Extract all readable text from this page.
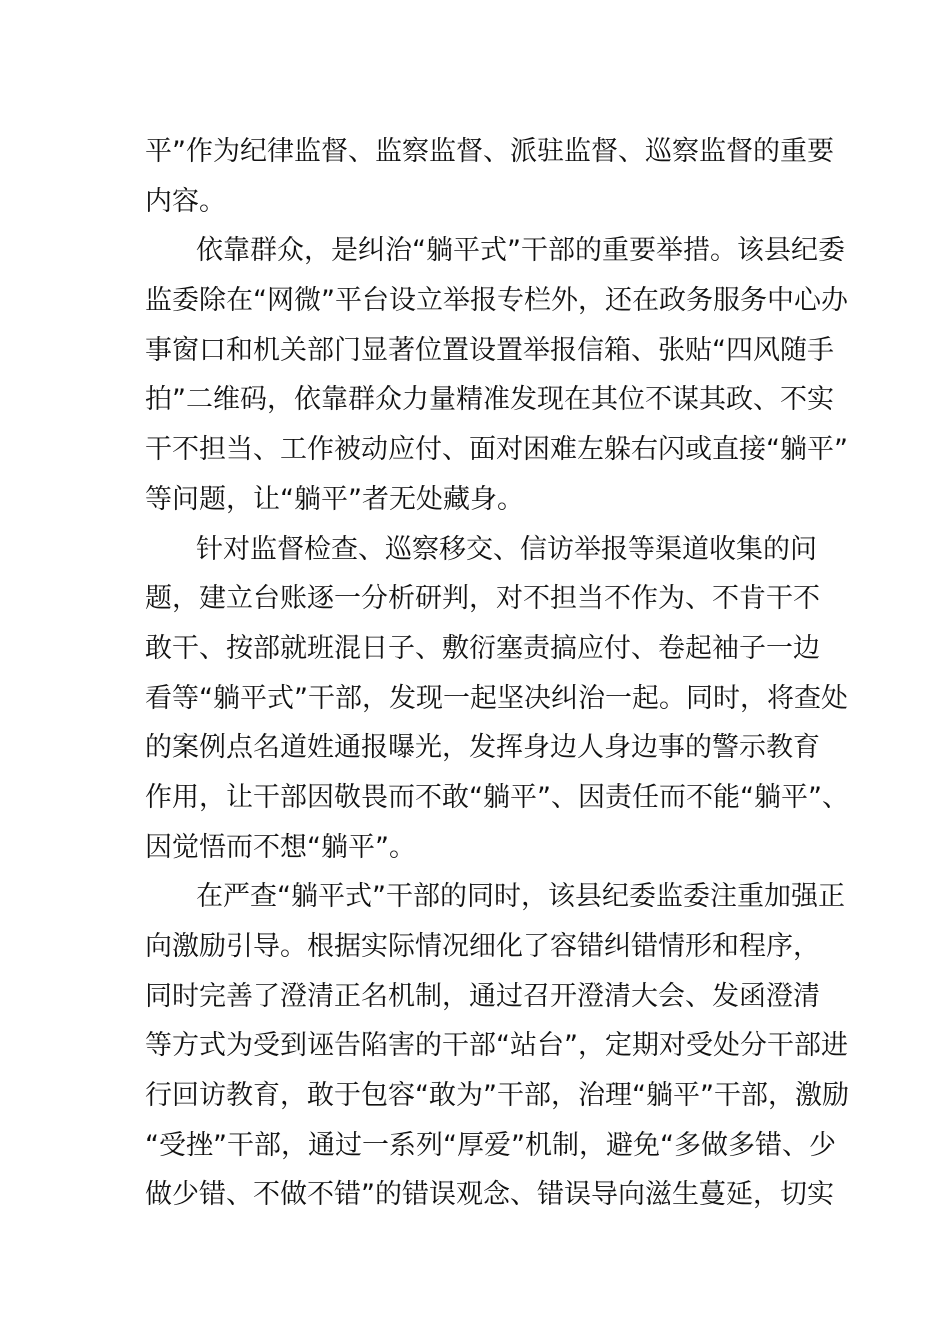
平”作为纪律监督、监察监督、派驻监督、巡察监督的重要
内容。
依靠群众，是纠治“躺平式”干部的重要举措。该县纪委
监委除在“网微”平台设立举报专栏外，还在政务服务中心办
事窗口和机关部门显著位置设置举报信箱、张贴“四风随手
拍”二维码，依靠群众力量精准发现在其位不谋其政、不实
干不担当、工作被动应付、面对困难左躲右闪或直接“躺平”
等问题，让“躺平”者无处藏身。
针对监督检查、巡察移交、信访举报等渠道收集的问
题，建立台账逐一分析研判，对不担当不作为、不肯干不
敢干、按部就班混日子、敷衍塞责搞应付、卷起袖子一边
看等“躺平式”干部，发现一起坚决纠治一起。同时，将查处
的案例点名道姓通报曝光，发挥身边人身边事的警示教育
作用，让干部因敬畏而不敢“躺平”、因责任而不能“躺平”、
因觉悟而不想“躺平”。
在严查“躺平式”干部的同时，该县纪委监委注重加强正
向激励引导。根据实际情况细化了容错纠错情形和程序，
同时完善了澄清正名机制，通过召开澄清大会、发函澄清
等方式为受到诬告陷害的干部“站台”，定期对受处分干部进
行回访教育，敢于包容“敢为”干部，治理“躺平”干部，激励
“受挫”干部，通过一系列“厚爱”机制，避免“多做多错、少
做少错、不做不错”的错误观念、错误导向滋生蔓延，切实
